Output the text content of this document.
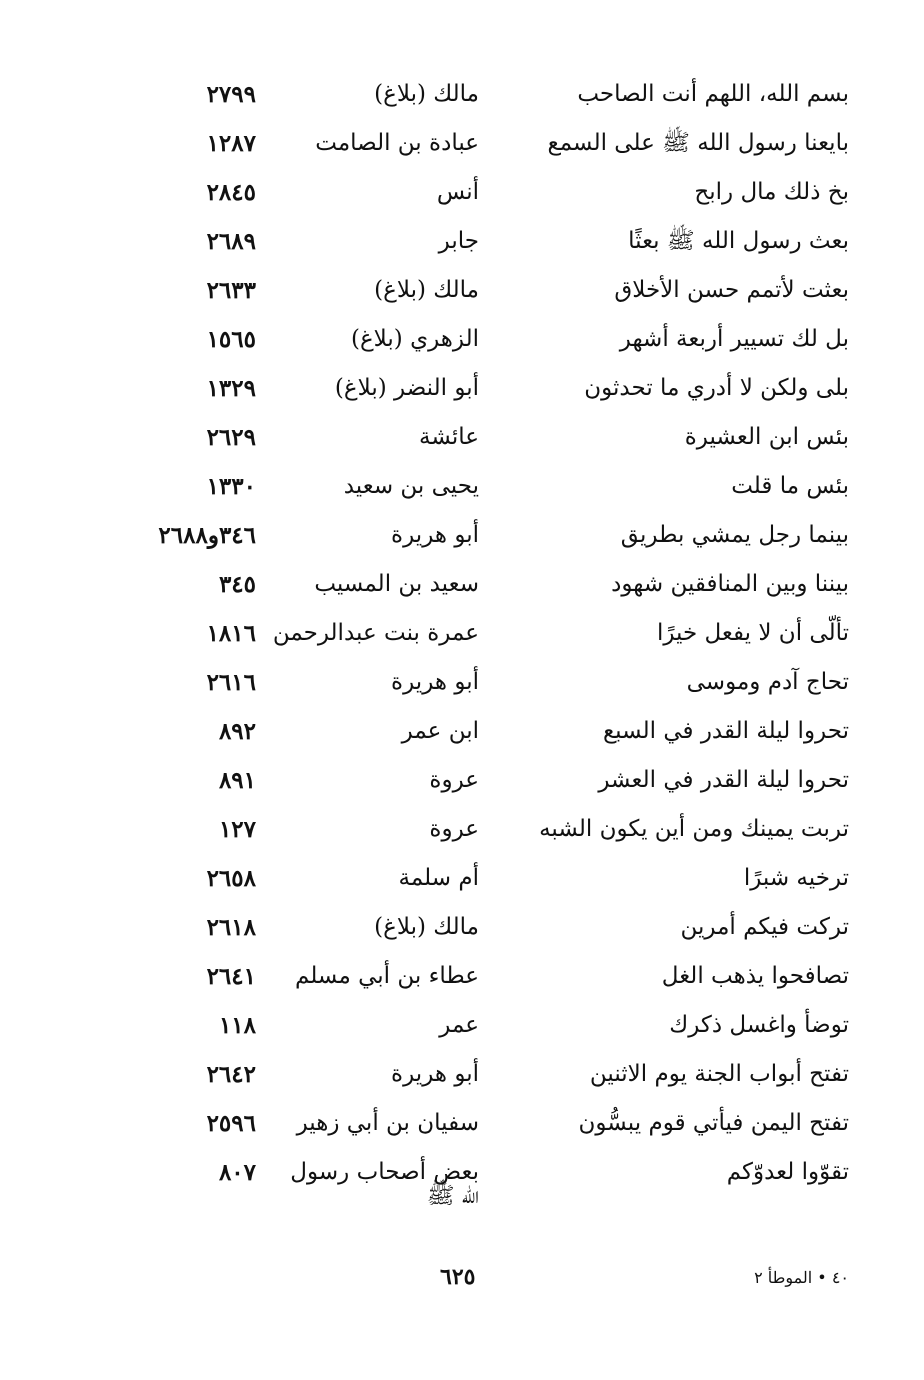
بسم الله، اللهم أنت الصاحب
مالك (بلاغ)
٢٧٩٩
بايعنا رسول الله ﷺ على السمع
عبادة بن الصامت
١٢٨٧
بخ ذلك مال رابح
أنس
٢٨٤٥
بعث رسول الله ﷺ بعثًا
جابر
٢٦٨٩
بعثت لأتمم حسن الأخلاق
مالك (بلاغ)
٢٦٣٣
بل لك تسيير أربعة أشهر
الزهري (بلاغ)
١٥٦٥
بلى ولكن لا أدري ما تحدثون
أبو النضر (بلاغ)
١٣٢٩
بئس ابن العشيرة
عائشة
٢٦٢٩
بئس ما قلت
يحيى بن سعيد
١٣٣٠
بينما رجل يمشي بطريق
أبو هريرة
٣٤٦و٢٦٨٨
بيننا وبين المنافقين شهود
سعيد بن المسيب
٣٤٥
تألّى أن لا يفعل خيرًا
عمرة بنت عبدالرحمن
١٨١٦
تحاج آدم وموسى
أبو هريرة
٢٦١٦
تحروا ليلة القدر في السبع
ابن عمر
٨٩٢
تحروا ليلة القدر في العشر
عروة
٨٩١
تربت يمينك ومن أين يكون الشبه
عروة
١٢٧
ترخيه شبرًا
أم سلمة
٢٦٥٨
تركت فيكم أمرين
مالك (بلاغ)
٢٦١٨
تصافحوا يذهب الغل
عطاء بن أبي مسلم
٢٦٤١
توضأ واغسل ذكرك
عمر
١١٨
تفتح أبواب الجنة يوم الاثنين
أبو هريرة
٢٦٤٢
تفتح اليمن فيأتي قوم يبسُّون
سفيان بن أبي زهير
٢٥٩٦
تقوّوا لعدوّكم
بعض أصحاب رسول
٨٠٧
الله ﷺ
٦٢٥	٤٠ • الموطأ ٢
